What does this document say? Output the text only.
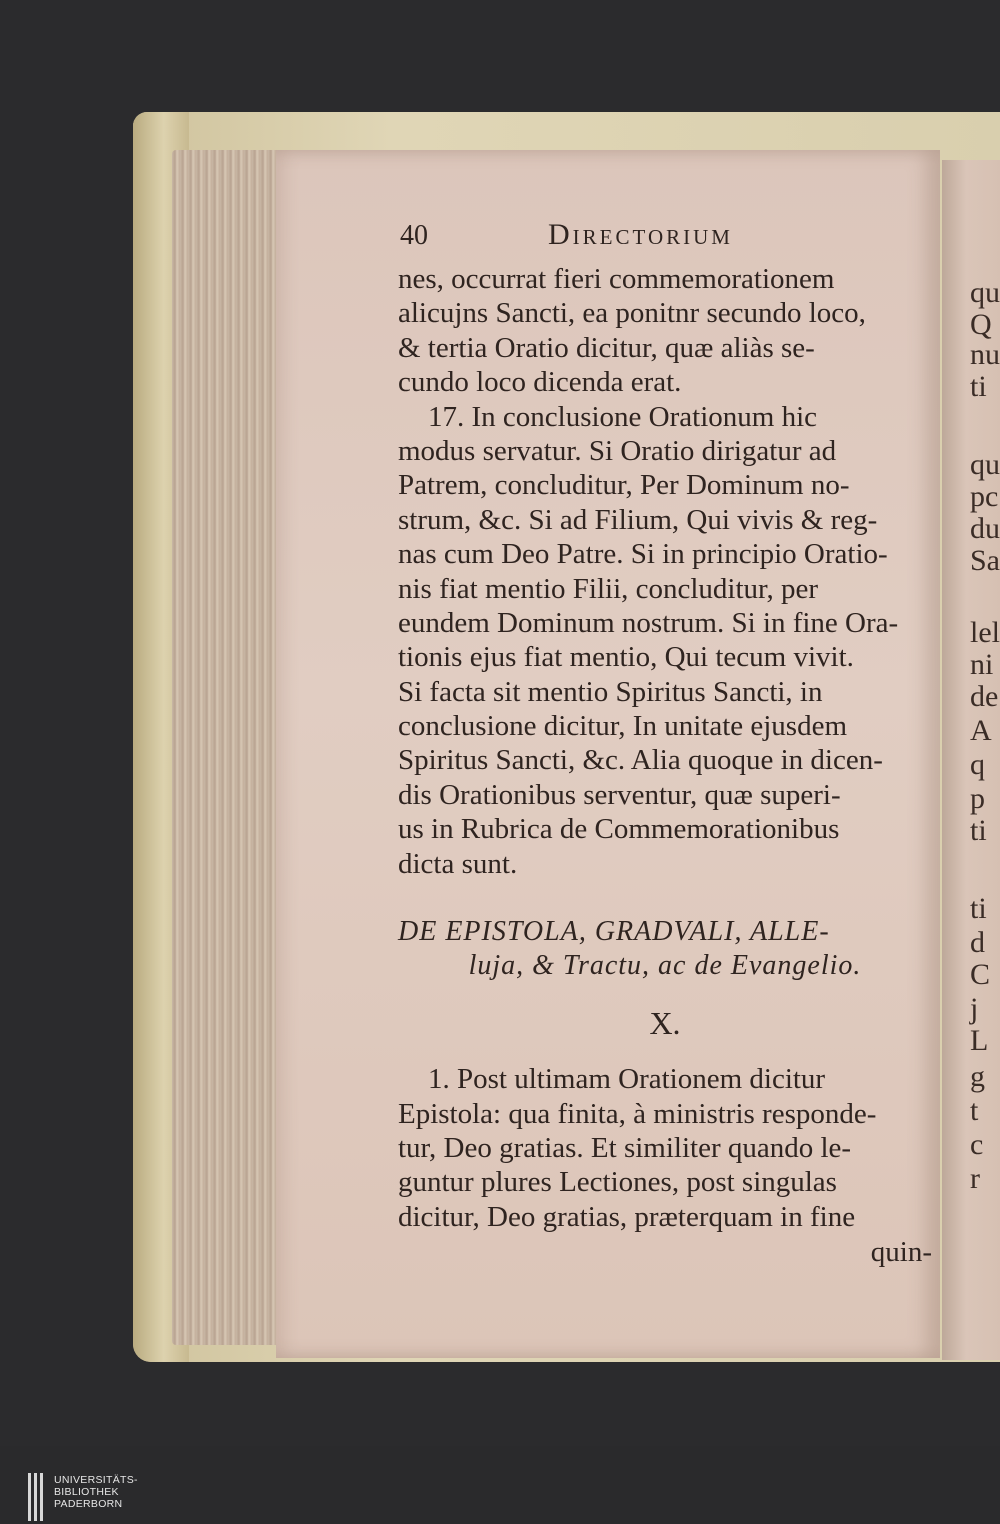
qu
Q
nu
ti
qu
pc
du
Sa
lel
ni
de
A
q
p
ti
ti
d
C
j
L
g
t
c
r
40	Directorium
nes, occurrat fieri commemorationem
alicujns Sancti, ea ponitnr secundo loco,
& tertia Oratio dicitur, quæ aliàs se-
cundo loco dicenda erat.
17. In conclusione Orationum hic
modus servatur. Si Oratio dirigatur ad
Patrem, concluditur, Per Dominum no-
strum, &c. Si ad Filium, Qui vivis & reg-
nas cum Deo Patre. Si in principio Oratio-
nis fiat mentio Filii, concluditur, per
eundem Dominum nostrum. Si in fine Ora-
tionis ejus fiat mentio, Qui tecum vivit.
Si facta sit mentio Spiritus Sancti, in
conclusione dicitur, In unitate ejusdem
Spiritus Sancti, &c. Alia quoque in dicen-
dis Orationibus serventur, quæ superi-
us in Rubrica de Commemorationibus
dicta sunt.
DE EPISTOLA, GRADVALI, ALLE-
luja, & Tractu, ac de Evangelio.
X.
1. Post ultimam Orationem dicitur
Epistola: qua finita, à ministris responde-
tur, Deo gratias. Et similiter quando le-
guntur plures Lectiones, post singulas
dicitur, Deo gratias, præterquam in fine
quin-
UNIVERSITÄTS-
BIBLIOTHEK
PADERBORN
